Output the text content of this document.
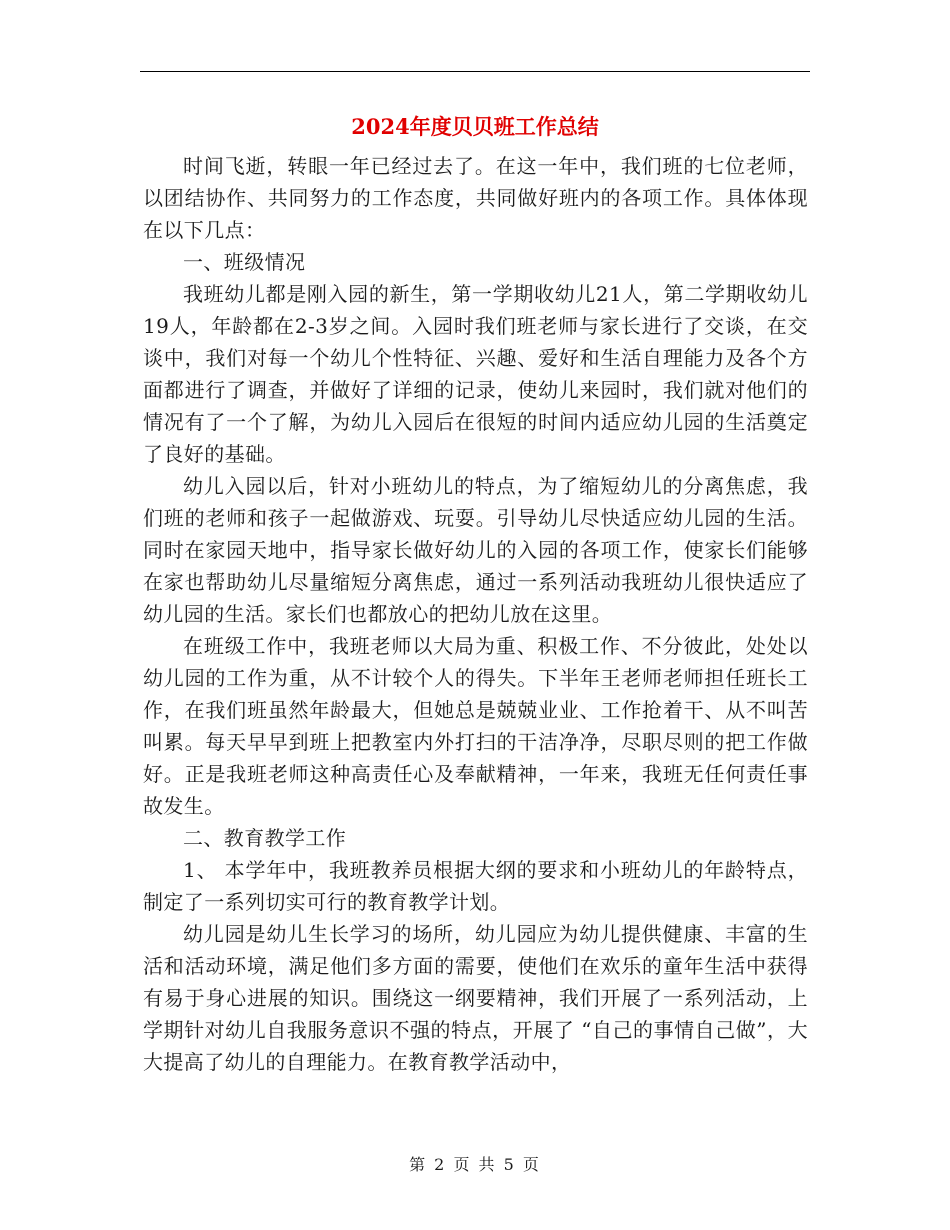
2024年度贝贝班工作总结

时间飞逝，转眼一年已经过去了。在这一年中，我们班的七位老师，以团结协作、共同努力的工作态度，共同做好班内的各项工作。具体体现在以下几点：

一、班级情况

我班幼儿都是刚入园的新生，第一学期收幼儿21人，第二学期收幼儿19人，年龄都在2-3岁之间。入园时我们班老师与家长进行了交谈，在交谈中，我们对每一个幼儿个性特征、兴趣、爱好和生活自理能力及各个方面都进行了调查，并做好了详细的记录，使幼儿来园时，我们就对他们的情况有了一个了解，为幼儿入园后在很短的时间内适应幼儿园的生活奠定了良好的基础。

幼儿入园以后，针对小班幼儿的特点，为了缩短幼儿的分离焦虑，我们班的老师和孩子一起做游戏、玩耍。引导幼儿尽快适应幼儿园的生活。同时在家园天地中，指导家长做好幼儿的入园的各项工作，使家长们能够在家也帮助幼儿尽量缩短分离焦虑，通过一系列活动我班幼儿很快适应了幼儿园的生活。家长们也都放心的把幼儿放在这里。

在班级工作中，我班老师以大局为重、积极工作、不分彼此，处处以幼儿园的工作为重，从不计较个人的得失。下半年王老师老师担任班长工作，在我们班虽然年龄最大，但她总是兢兢业业、工作抢着干、从不叫苦叫累。每天早早到班上把教室内外打扫的干洁净净，尽职尽则的把工作做好。正是我班老师这种高责任心及奉献精神，一年来，我班无任何责任事故发生。

二、教育教学工作

1、 本学年中，我班教养员根据大纲的要求和小班幼儿的年龄特点，制定了一系列切实可行的教育教学计划。

幼儿园是幼儿生长学习的场所，幼儿园应为幼儿提供健康、丰富的生活和活动环境，满足他们多方面的需要，使他们在欢乐的童年生活中获得有易于身心进展的知识。围绕这一纲要精神，我们开展了一系列活动，上学期针对幼儿自我服务意识不强的特点，开展了 “自己的事情自己做”，大大提高了幼儿的自理能力。在教育教学活动中，

第 2 页 共 5 页
